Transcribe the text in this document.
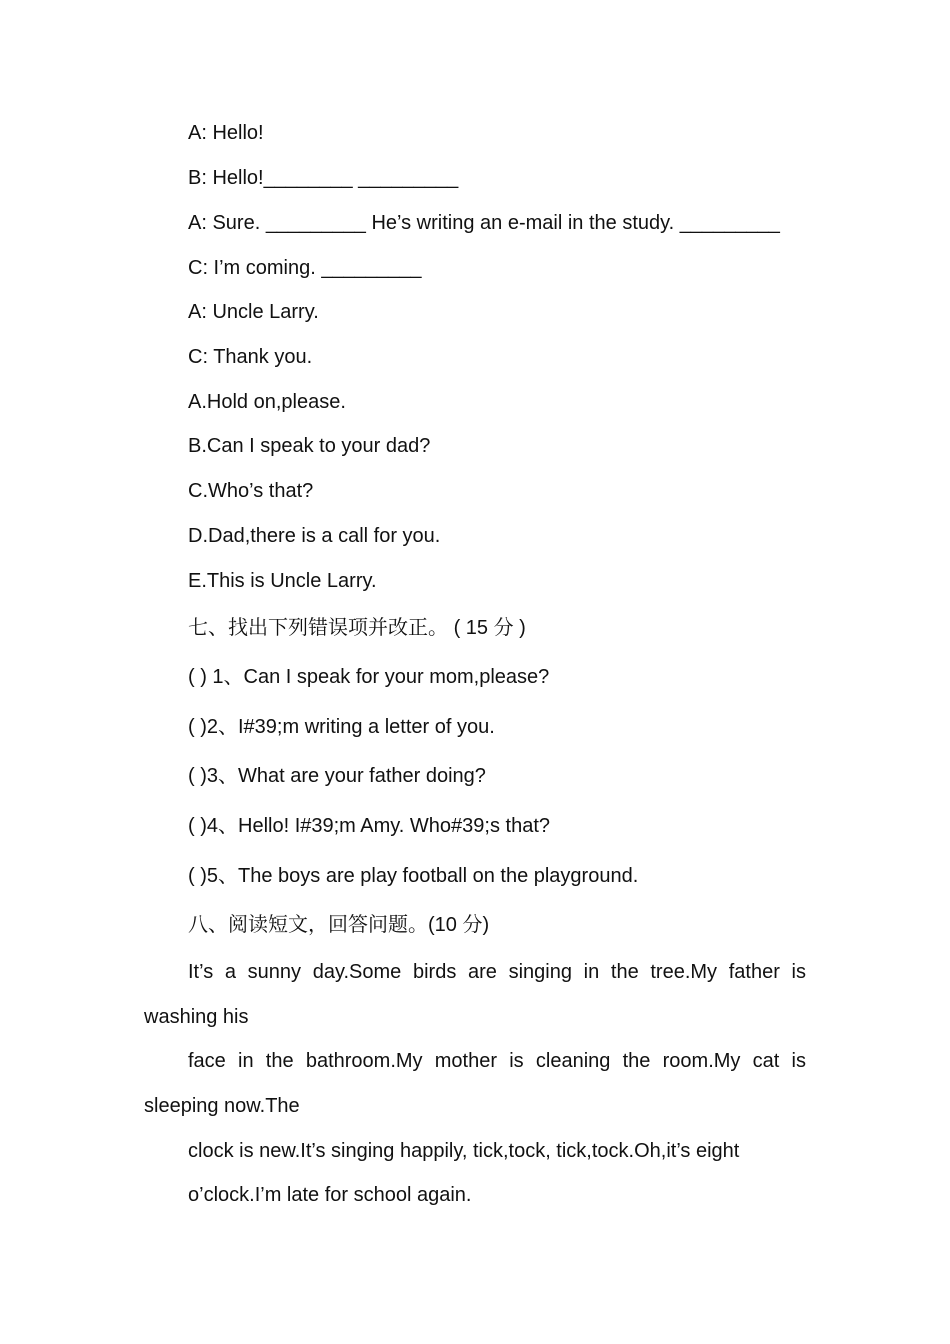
A: Hello!
B: Hello!________ _________
A: Sure. _________ He’s writing an e-mail in the study. _________
C: I’m coming. _________
A: Uncle Larry.
C: Thank you.
A.Hold on,please.
B.Can I speak to your dad?
C.Who’s that?
D.Dad,there is a call for you.
E.This is Uncle Larry.
七、找出下列错误项并改正。 ( 15 分 )
( ) 1、Can I speak for your mom,please?
( )2、I#39;m writing a letter of you.
( )3、What are your father doing?
( )4、Hello! I#39;m Amy. Who#39;s that?
( )5、The boys are play football on the playground.
八、阅读短文，回答问题。(10 分)
It’s a sunny day.Some birds are singing in the tree.My father is
washing his
face in the bathroom.My mother is cleaning the room.My cat is
sleeping now.The
clock is new.It’s singing happily, tick,tock, tick,tock.Oh,it’s eight
o’clock.I’m late for school again.
